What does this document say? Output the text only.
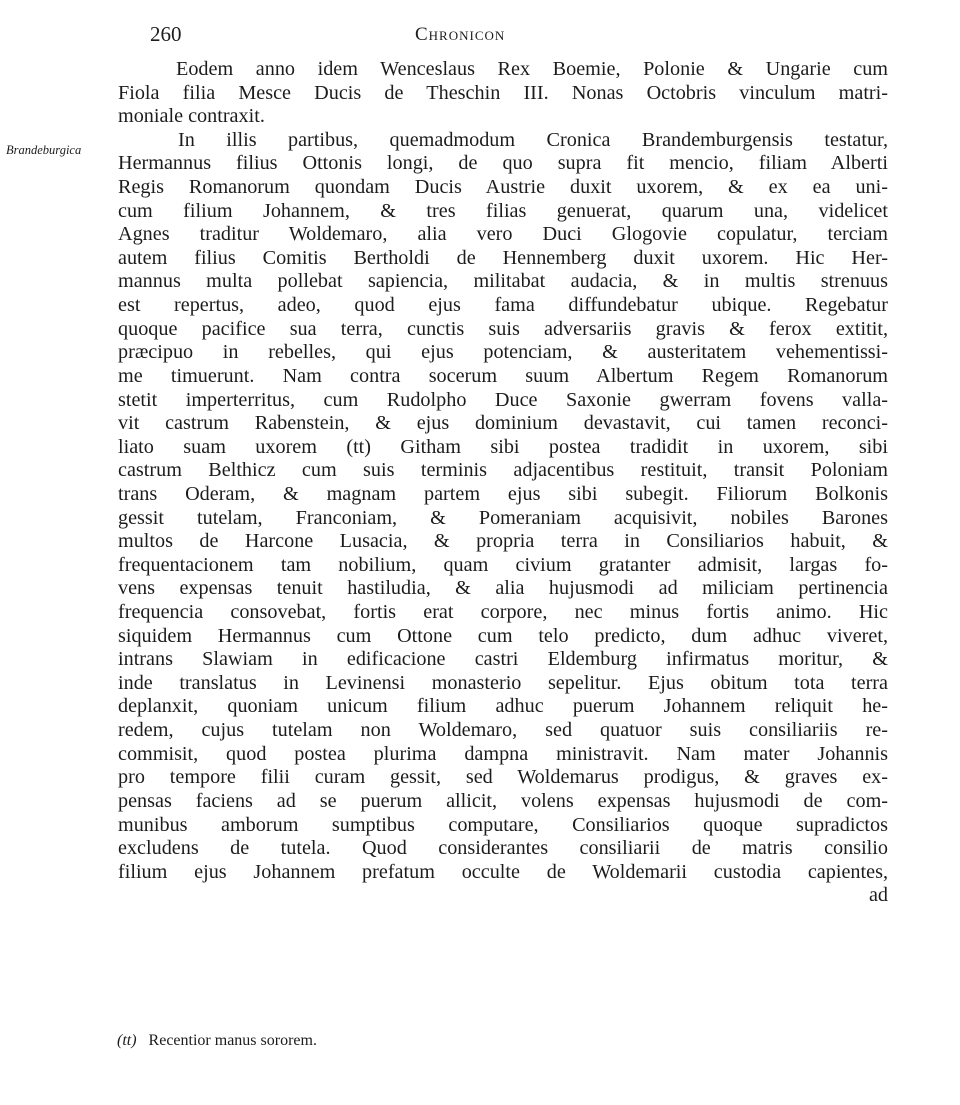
260	Chronicon
Brandeburgica
Eodem anno idem Wenceslaus Rex Boemie, Polonie & Ungarie cum
Fiola filia Mesce Ducis de Theschin III. Nonas Octobris vinculum matri-
moniale contraxit.
In illis partibus, quemadmodum Cronica Brandemburgensis testatur,
Hermannus filius Ottonis longi, de quo supra fit mencio, filiam Alberti
Regis Romanorum quondam Ducis Austrie duxit uxorem, & ex ea uni-
cum filium Johannem, & tres filias genuerat, quarum una, videlicet
Agnes traditur Woldemaro, alia vero Duci Glogovie copulatur, terciam
autem filius Comitis Bertholdi de Hennemberg duxit uxorem. Hic Her-
mannus multa pollebat sapiencia, militabat audacia, & in multis strenuus
est repertus, adeo, quod ejus fama diffundebatur ubique. Regebatur
quoque pacifice sua terra, cunctis suis adversariis gravis & ferox extitit,
præcipuo in rebelles, qui ejus potenciam, & austeritatem vehementissi-
me timuerunt. Nam contra socerum suum Albertum Regem Romanorum
stetit imperterritus, cum Rudolpho Duce Saxonie gwerram fovens valla-
vit castrum Rabenstein, & ejus dominium devastavit, cui tamen reconci-
liato suam uxorem (tt) Githam sibi postea tradidit in uxorem, sibi
castrum Belthicz cum suis terminis adjacentibus restituit, transit Poloniam
trans Oderam, & magnam partem ejus sibi subegit. Filiorum Bolkonis
gessit tutelam, Franconiam, & Pomeraniam acquisivit, nobiles Barones
multos de Harcone Lusacia, & propria terra in Consiliarios habuit, &
frequentacionem tam nobilium, quam civium gratanter admisit, largas fo-
vens expensas tenuit hastiludia, & alia hujusmodi ad miliciam pertinencia
frequencia consovebat, fortis erat corpore, nec minus fortis animo. Hic
siquidem Hermannus cum Ottone cum telo predicto, dum adhuc viveret,
intrans Slawiam in edificacione castri Eldemburg infirmatus moritur, &
inde translatus in Levinensi monasterio sepelitur. Ejus obitum tota terra
deplanxit, quoniam unicum filium adhuc puerum Johannem reliquit he-
redem, cujus tutelam non Woldemaro, sed quatuor suis consiliariis re-
commisit, quod postea plurima dampna ministravit. Nam mater Johannis
pro tempore filii curam gessit, sed Woldemarus prodigus, & graves ex-
pensas faciens ad se puerum allicit, volens expensas hujusmodi de com-
munibus amborum sumptibus computare, Consiliarios quoque supradictos
excludens de tutela. Quod considerantes consiliarii de matris consilio
filium ejus Johannem prefatum occulte de Woldemarii custodia capientes,
ad
(tt) Recentior manus sororem.
